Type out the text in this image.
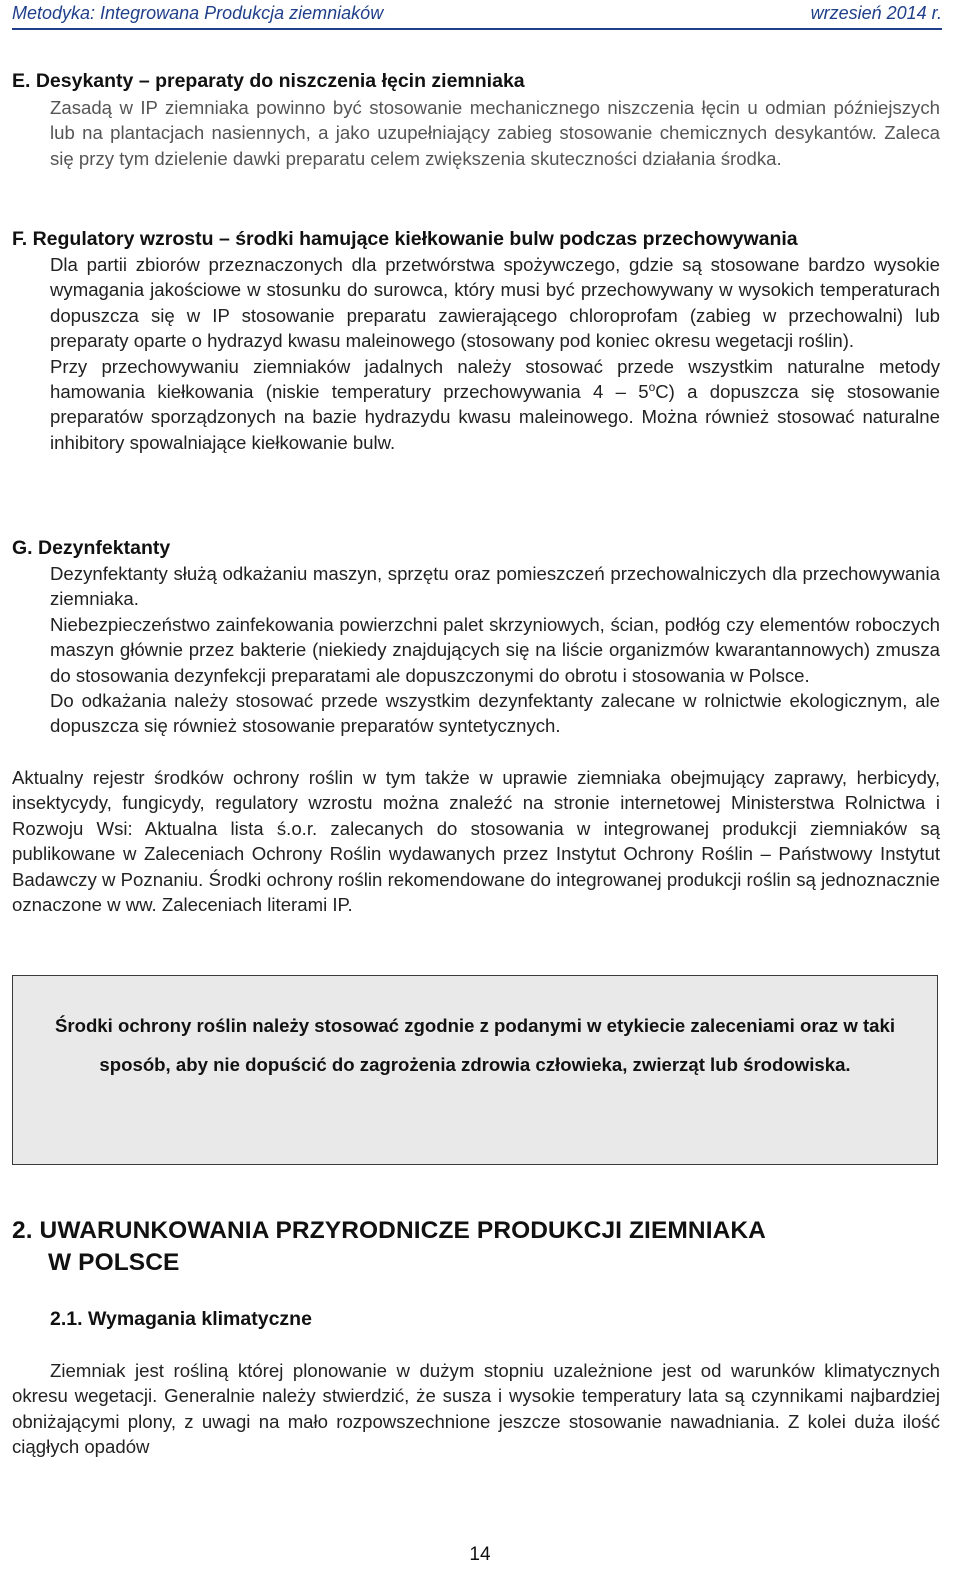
Metodyka: Integrowana Produkcja ziemniaków	wrzesień 2014 r.
E. Desykanty – preparaty do niszczenia łęcin ziemniaka

Zasadą w IP ziemniaka powinno być stosowanie mechanicznego niszczenia łęcin u odmian późniejszych lub na plantacjach nasiennych, a jako uzupełniający zabieg stosowanie chemicznych desykantów. Zaleca się przy tym dzielenie dawki preparatu celem zwiększenia skuteczności działania środka.

F. Regulatory wzrostu – środki hamujące kiełkowanie bulw podczas przechowywania

Dla partii zbiorów przeznaczonych dla przetwórstwa spożywczego, gdzie są stosowane bardzo wysokie wymagania jakościowe w stosunku do surowca, który musi być przechowywany w wysokich temperaturach dopuszcza się w IP stosowanie preparatu zawierającego chloroprofam (zabieg w przechowalni) lub preparaty oparte o hydrazyd kwasu maleinowego (stosowany pod koniec okresu wegetacji roślin).

Przy przechowywaniu ziemniaków jadalnych należy stosować przede wszystkim naturalne metody hamowania kiełkowania (niskie temperatury przechowywania 4 – 5$^o$C) a dopuszcza się stosowanie preparatów sporządzonych na bazie hydrazydu kwasu maleinowego. Można również stosować naturalne inhibitory spowalniające kiełkowanie bulw.

G. Dezynfektanty

Dezynfektanty służą odkażaniu maszyn, sprzętu oraz pomieszczeń przechowalniczych dla przechowywania ziemniaka.

Niebezpieczeństwo zainfekowania powierzchni palet skrzyniowych, ścian, podłóg czy elementów roboczych maszyn głównie przez bakterie (niekiedy znajdujących się na liście organizmów kwarantannowych) zmusza do stosowania dezynfekcji preparatami ale dopuszczonymi do obrotu i stosowania w Polsce.

Do odkażania należy stosować przede wszystkim dezynfektanty zalecane w rolnictwie ekologicznym, ale dopuszcza się również stosowanie preparatów syntetycznych.

Aktualny rejestr środków ochrony roślin w tym także w uprawie ziemniaka obejmujący zaprawy, herbicydy, insektycydy, fungicydy, regulatory wzrostu można znaleźć na stronie internetowej Ministerstwa Rolnictwa i Rozwoju Wsi: Aktualna lista ś.o.r. zalecanych do stosowania w integrowanej produkcji ziemniaków są publikowane w Zaleceniach Ochrony Roślin wydawanych przez Instytut Ochrony Roślin – Państwowy Instytut Badawczy w Poznaniu. Środki ochrony roślin rekomendowane do integrowanej produkcji roślin są jednoznacznie oznaczone w ww. Zaleceniach literami IP.

Środki ochrony roślin należy stosować zgodnie z podanymi w etykiecie zaleceniami oraz w taki sposób, aby nie dopuścić do zagrożenia zdrowia człowieka, zwierząt lub środowiska.

2. UWARUNKOWANIA PRZYRODNICZE PRODUKCJI ZIEMNIAKA
W POLSCE
2.1. Wymagania klimatyczne

Ziemniak jest rośliną której plonowanie w dużym stopniu uzależnione jest od warunków klimatycznych okresu wegetacji. Generalnie należy stwierdzić, że susza i wysokie temperatury lata są czynnikami najbardziej obniżającymi plony, z uwagi na mało rozpowszechnione jeszcze stosowanie nawadniania. Z kolei duża ilość ciągłych opadów

14
